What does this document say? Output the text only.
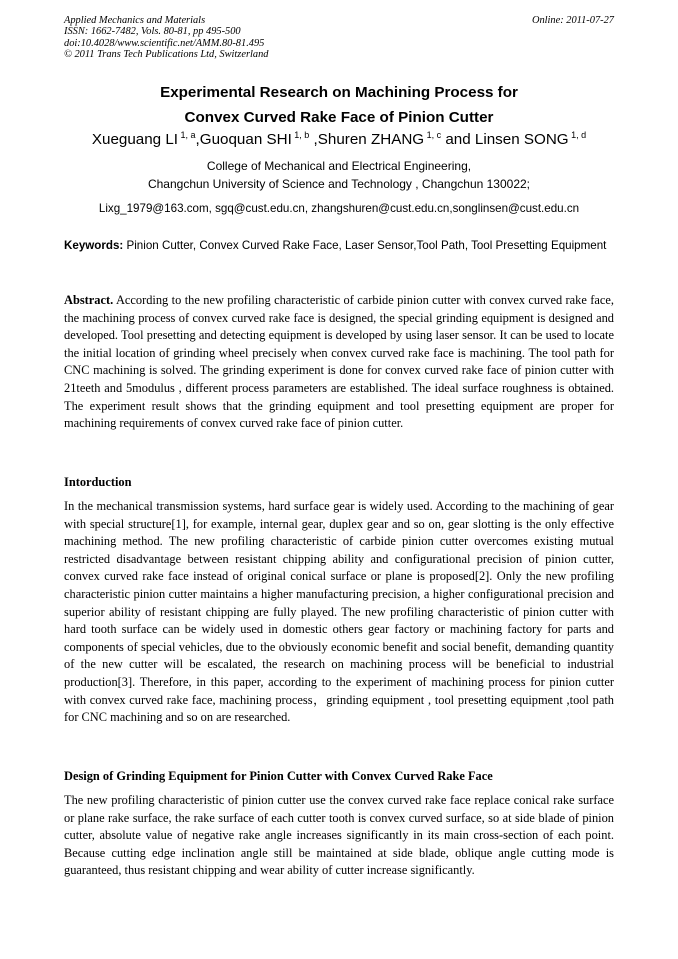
Applied Mechanics and Materials
ISSN: 1662-7482, Vols. 80-81, pp 495-500
doi:10.4028/www.scientific.net/AMM.80-81.495
© 2011 Trans Tech Publications Ltd, Switzerland
Online: 2011-07-27
Experimental Research on Machining Process for
Convex Curved Rake Face of Pinion Cutter
Xueguang LI $^{1, a}$,Guoquan SHI $^{1, b}$ ,Shuren ZHANG $^{1, c}$ and Linsen SONG $^{1, d}$
College of Mechanical and Electrical Engineering,
Changchun University of Science and Technology , Changchun 130022;
Lixg_1979@163.com, sgq@cust.edu.cn, zhangshuren@cust.edu.cn,songlinsen@cust.edu.cn
Keywords: Pinion Cutter, Convex Curved Rake Face, Laser Sensor,Tool Path, Tool Presetting Equipment
Abstract. According to the new profiling characteristic of carbide pinion cutter with convex curved rake face, the machining process of convex curved rake face is designed, the special grinding equipment is designed and developed. Tool presetting and detecting equipment is developed by using laser sensor. It can be used to locate the initial location of grinding wheel precisely when convex curved rake face is machining. The tool path for CNC machining is solved. The grinding experiment is done for convex curved rake face of pinion cutter with 21teeth and 5modulus , different process parameters are established. The ideal surface roughness is obtained. The experiment result shows that the grinding equipment and tool presetting equipment are proper for machining requirements of convex curved rake face of pinion cutter.
Intorduction
In the mechanical transmission systems, hard surface gear is widely used. According to the machining of gear with special structure[1], for example, internal gear, duplex gear and so on, gear slotting is the only effective machining method. The new profiling characteristic of carbide pinion cutter overcomes existing mutual restricted disadvantage between resistant chipping ability and configurational precision of pinion cutter, convex curved rake face instead of original conical surface or plane is proposed[2]. Only the new profiling characteristic pinion cutter maintains a higher manufacturing precision, a higher configurational precision and superior ability of resistant chipping are fully played. The new profiling characteristic of pinion cutter with hard tooth surface can be widely used in domestic others gear factory or machining factory for parts and components of special vehicles, due to the obviously economic benefit and social benefit, demanding quantity of the new cutter will be escalated, the research on machining process will be beneficial to industrial production[3]. Therefore, in this paper, according to the experiment of machining process for pinion cutter with convex curved rake face, machining process，grinding equipment , tool presetting equipment ,tool path for CNC machining and so on are researched.
Design of Grinding Equipment for Pinion Cutter with Convex Curved Rake Face
The new profiling characteristic of pinion cutter use the convex curved rake face replace conical rake surface or plane rake surface, the rake surface of each cutter tooth is convex curved surface, so at side blade of pinion cutter, absolute value of negative rake angle increases significantly in its main cross-section of each point. Because cutting edge inclination angle still be maintained at side blade, oblique angle cutting mode is guaranteed, thus resistant chipping and wear ability of cutter increase significantly.
